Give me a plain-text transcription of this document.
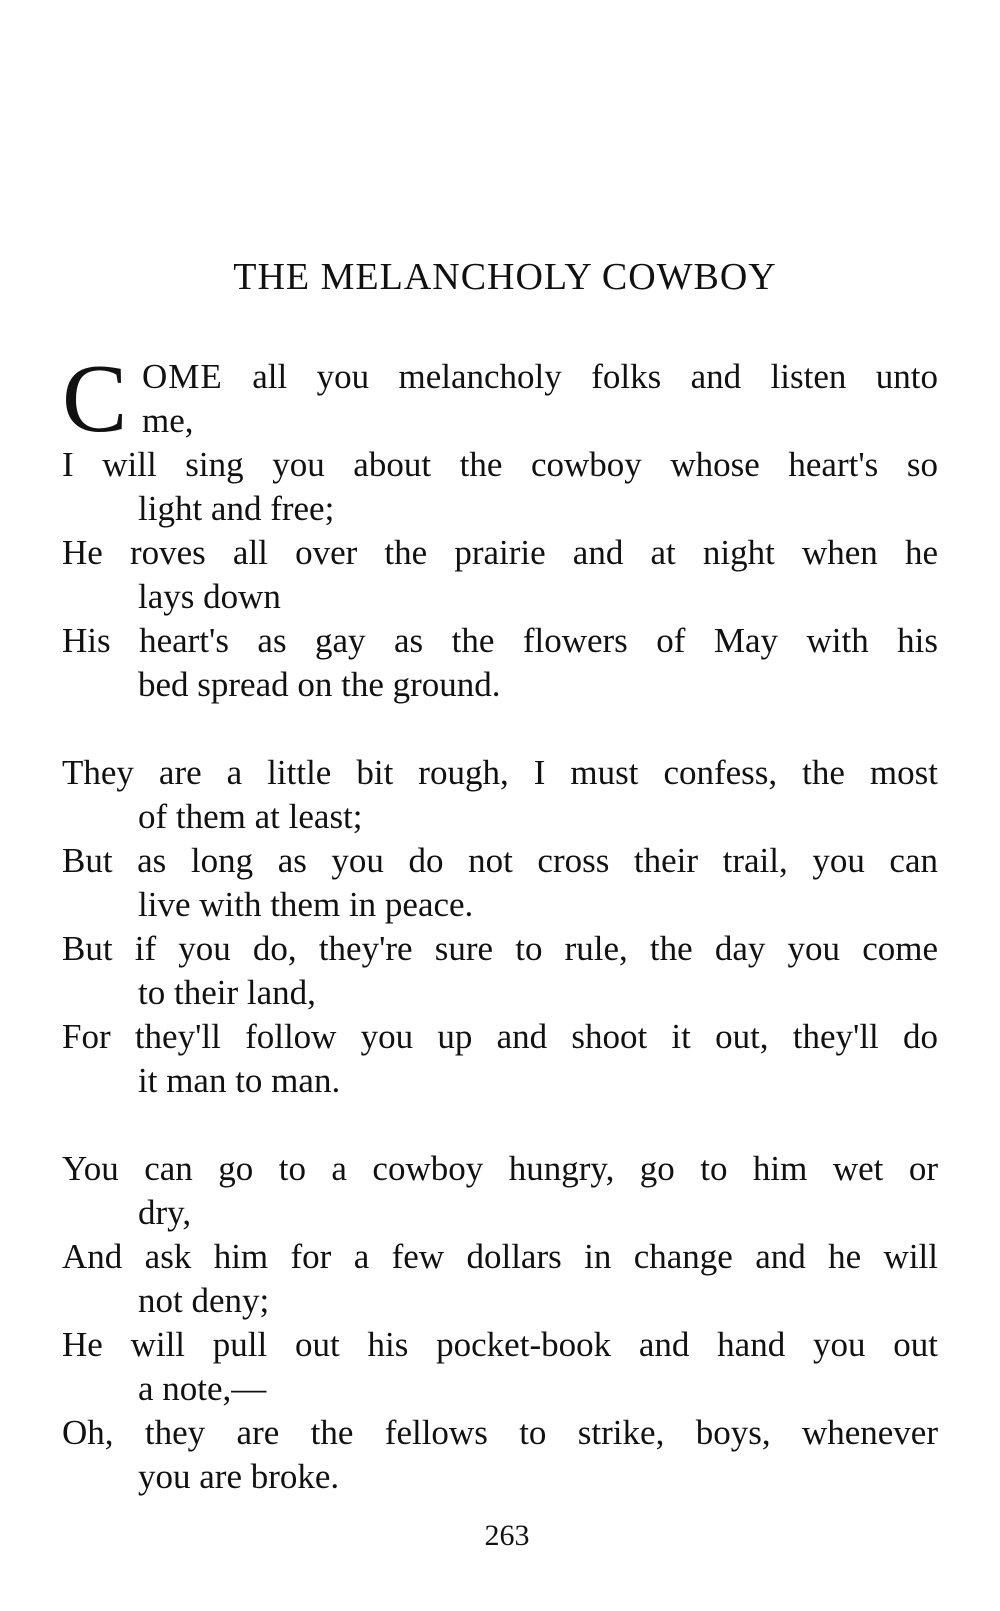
THE MELANCHOLY COWBOY
C OME all you melancholy folks and listen unto
me,
I will sing you about the cowboy whose heart's so
light and free;
He roves all over the prairie and at night when he
lays down
His heart's as gay as the flowers of May with his
bed spread on the ground.
They are a little bit rough, I must confess, the most
of them at least;
But as long as you do not cross their trail, you can
live with them in peace.
But if you do, they're sure to rule, the day you come
to their land,
For they'll follow you up and shoot it out, they'll do
it man to man.
You can go to a cowboy hungry, go to him wet or
dry,
And ask him for a few dollars in change and he will
not deny;
He will pull out his pocket-book and hand you out
a note,—
Oh, they are the fellows to strike, boys, whenever
you are broke.
263
